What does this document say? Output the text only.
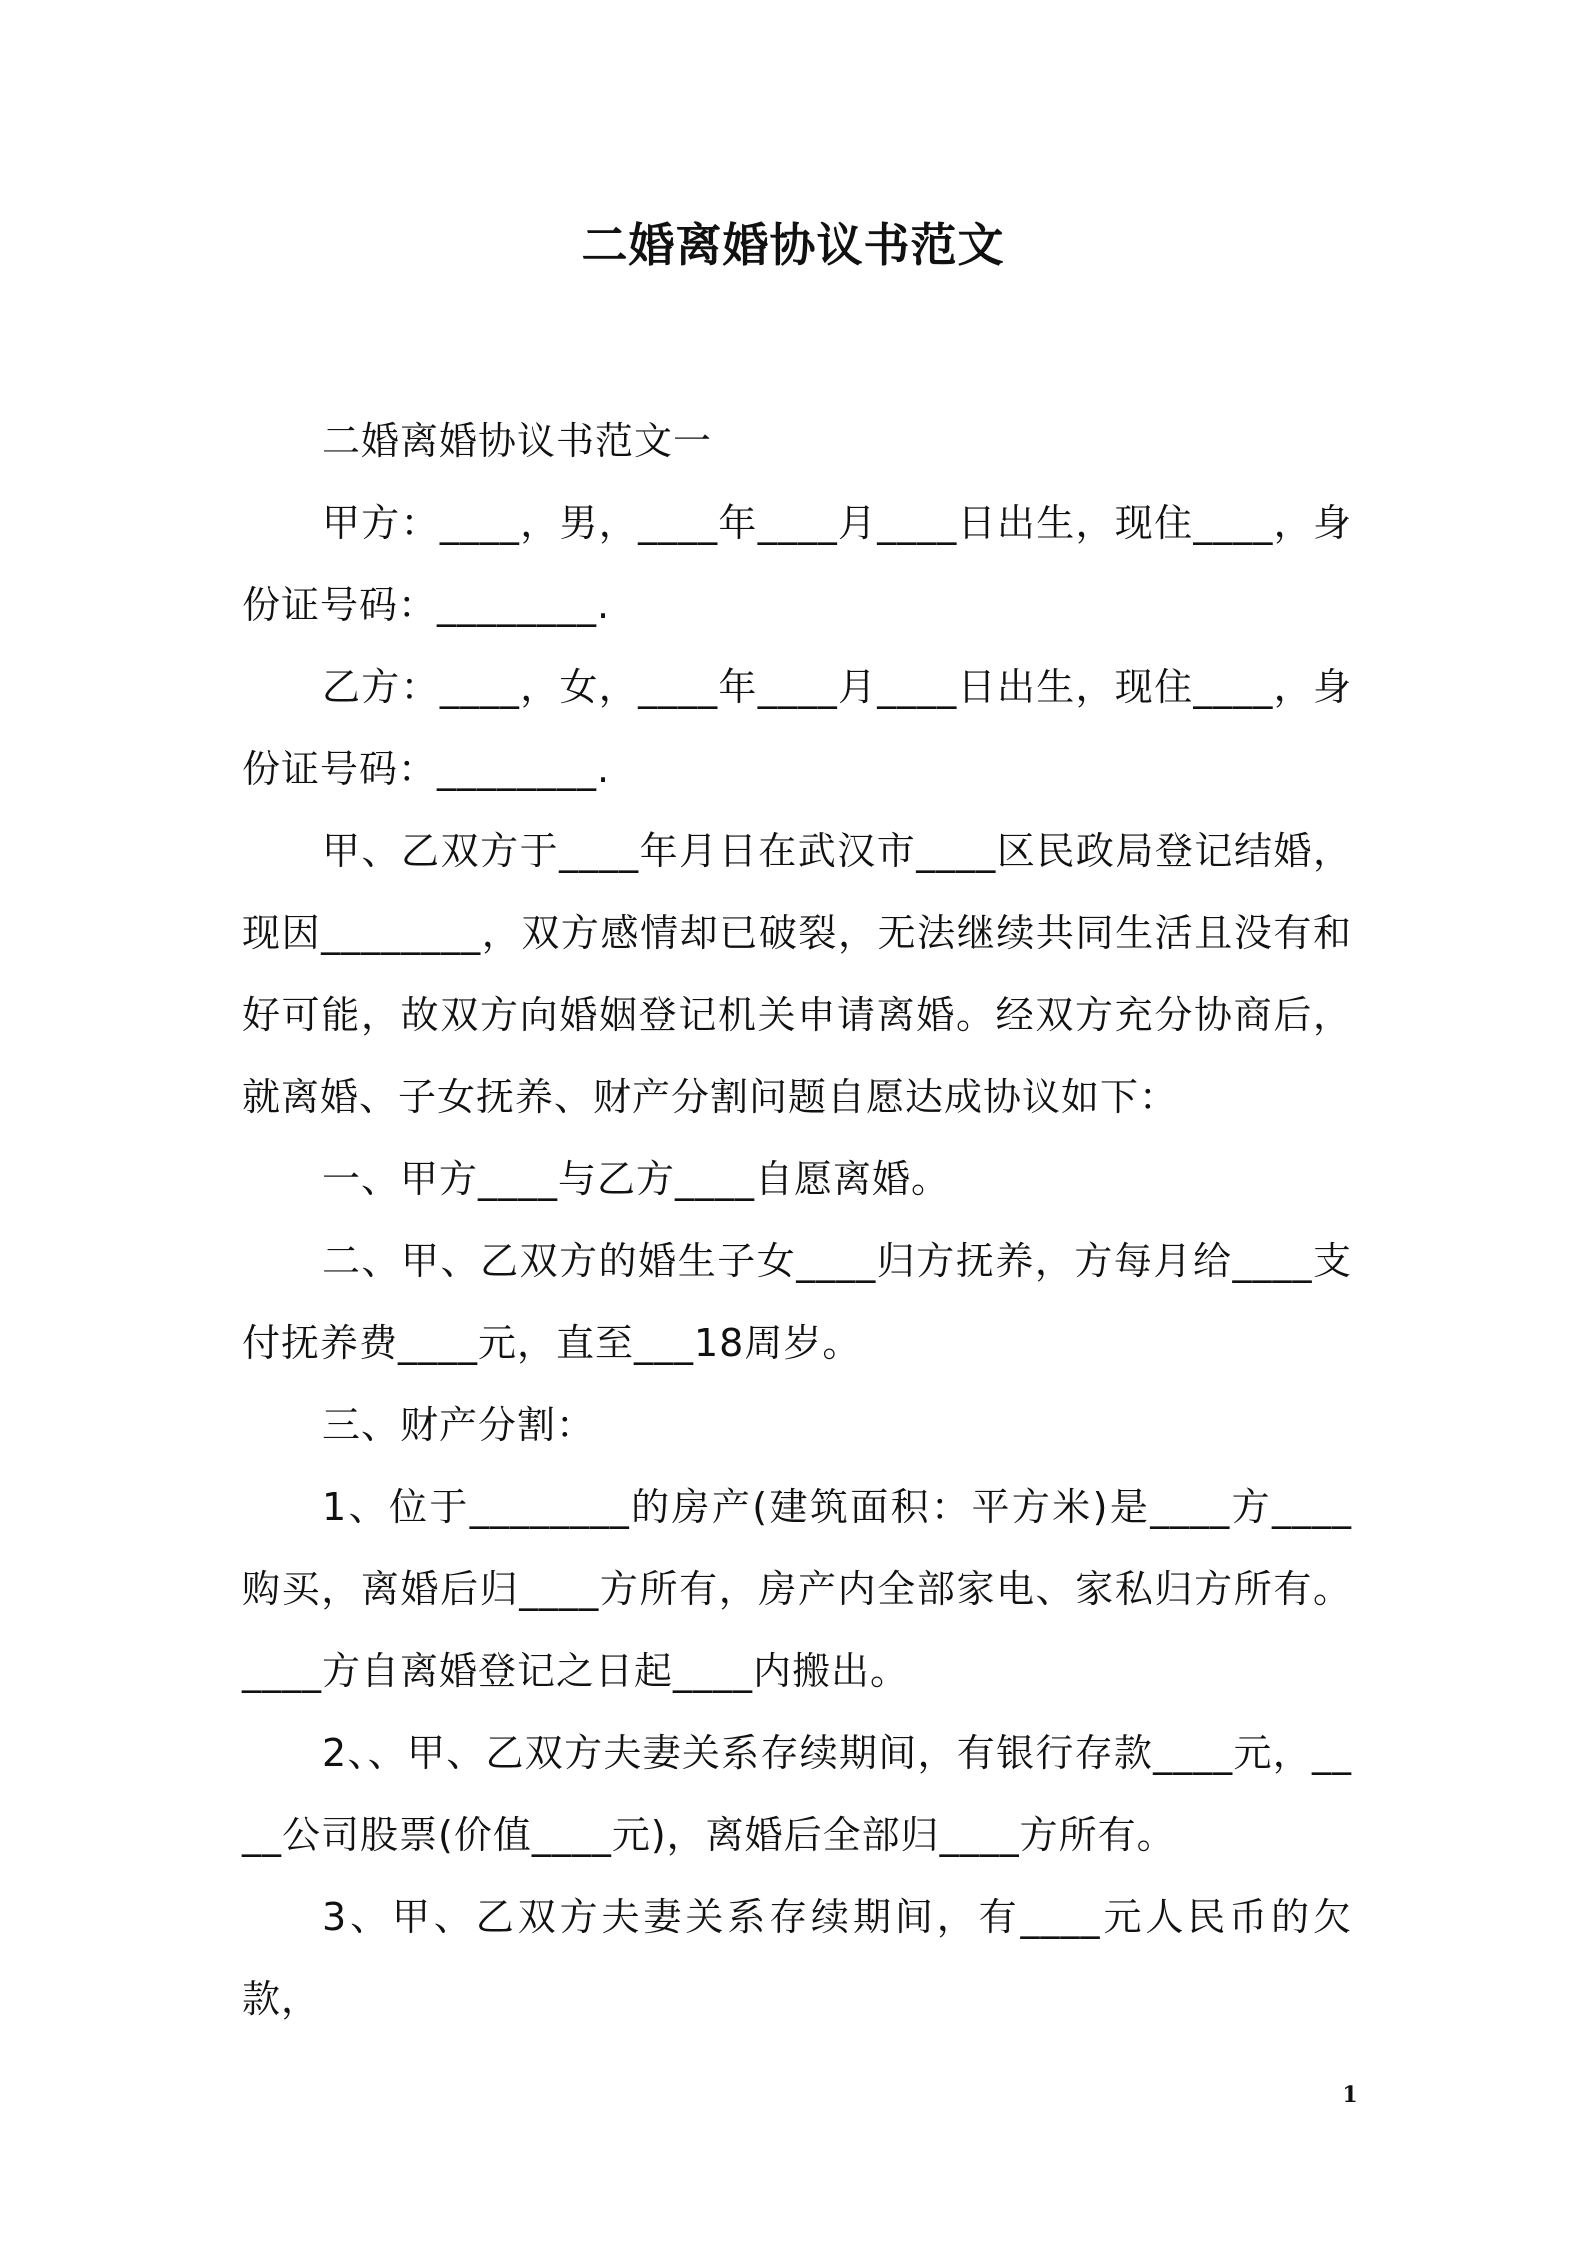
二婚离婚协议书范文

二婚离婚协议书范文一

甲方：____，男，____年____月____日出生，现住____，身份证号码：________.

乙方：____，女，____年____月____日出生，现住____，身份证号码：________.

甲、乙双方于____年月日在武汉市____区民政局登记结婚，现因________，双方感情却已破裂，无法继续共同生活且没有和好可能，故双方向婚姻登记机关申请离婚。经双方充分协商后，就离婚、子女抚养、财产分割问题自愿达成协议如下：

一、甲方____与乙方____自愿离婚。

二、甲、乙双方的婚生子女____归方抚养，方每月给____支付抚养费____元，直至___18周岁。

三、财产分割：

1、位于________的房产(建筑面积：平方米)是____方____购买，离婚后归____方所有，房产内全部家电、家私归方所有。____方自离婚登记之日起____内搬出。

2、、甲、乙双方夫妻关系存续期间，有银行存款____元，____公司股票(价值____元)，离婚后全部归____方所有。

3、甲、乙双方夫妻关系存续期间，有____元人民币的欠款，

1
